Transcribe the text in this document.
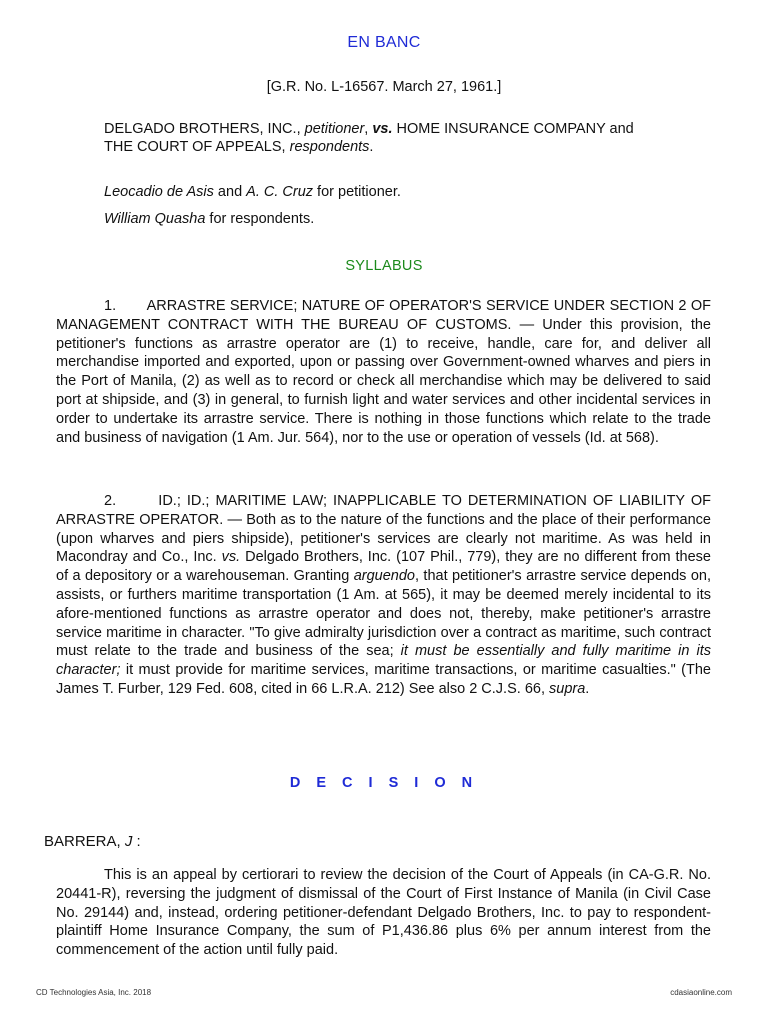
EN BANC
[G.R. No. L-16567. March 27, 1961.]
DELGADO BROTHERS, INC., petitioner, vs. HOME INSURANCE COMPANY and THE COURT OF APPEALS, respondents.
Leocadio de Asis and A. C. Cruz for petitioner.
William Quasha for respondents.
SYLLABUS
1.       ARRASTRE SERVICE; NATURE OF OPERATOR'S SERVICE UNDER SECTION 2 OF MANAGEMENT CONTRACT WITH THE BUREAU OF CUSTOMS. — Under this provision, the petitioner's functions as arrastre operator are (1) to receive, handle, care for, and deliver all merchandise imported and exported, upon or passing over Government-owned wharves and piers in the Port of Manila, (2) as well as to record or check all merchandise which may be delivered to said port at shipside, and (3) in general, to furnish light and water services and other incidental services in order to undertake its arrastre service. There is nothing in those functions which relate to the trade and business of navigation (1 Am. Jur. 564), nor to the use or operation of vessels (Id. at 568).
2.       ID.; ID.; MARITIME LAW; INAPPLICABLE TO DETERMINATION OF LIABILITY OF ARRASTRE OPERATOR. — Both as to the nature of the functions and the place of their performance (upon wharves and piers shipside), petitioner's services are clearly not maritime. As was held in Macondray and Co., Inc. vs. Delgado Brothers, Inc. (107 Phil., 779), they are no different from these of a depository or a warehouseman. Granting arguendo, that petitioner's arrastre service depends on, assists, or furthers maritime transportation (1 Am. at 565), it may be deemed merely incidental to its afore-mentioned functions as arrastre operator and does not, thereby, make petitioner's arrastre service maritime in character. "To give admiralty jurisdiction over a contract as maritime, such contract must relate to the trade and business of the sea; it must be essentially and fully maritime in its character; it must provide for maritime services, maritime transactions, or maritime casualties." (The James T. Furber, 129 Fed. 608, cited in 66 L.R.A. 212) See also 2 C.J.S. 66, supra.
D E C I S I O N
BARRERA, J :
This is an appeal by certiorari to review the decision of the Court of Appeals (in CA-G.R. No. 20441-R), reversing the judgment of dismissal of the Court of First Instance of Manila (in Civil Case No. 29144) and, instead, ordering petitioner-defendant Delgado Brothers, Inc. to pay to respondent-plaintiff Home Insurance Company, the sum of P1,436.86 plus 6% per annum interest from the commencement of the action until fully paid.
CD Technologies Asia, Inc. 2018	cdasiaonline.com
